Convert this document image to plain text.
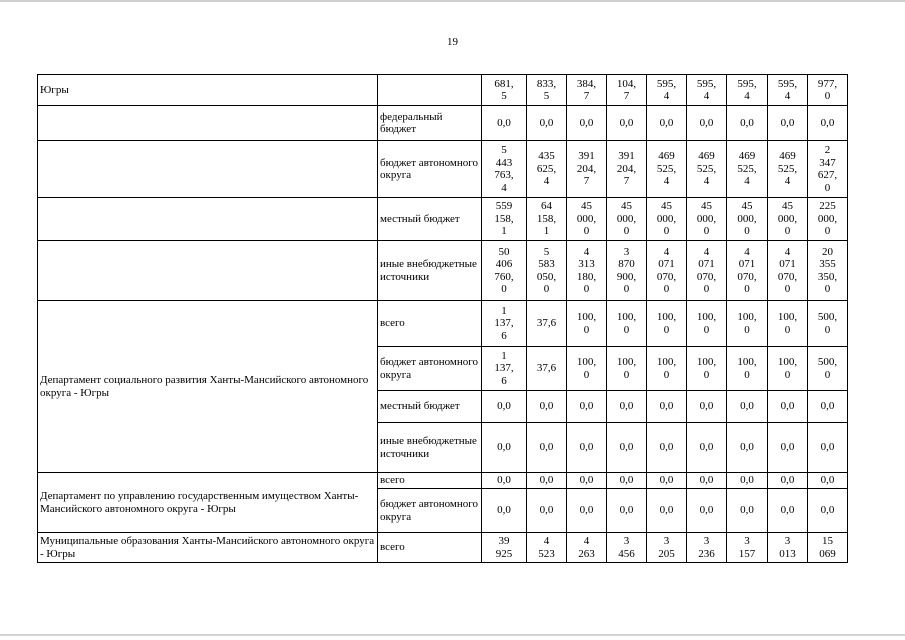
19
Югры		681,
5	833,
5	384,
7	104,
7	595,
4	595,
4	595,
4	595,
4	977,
0
	федеральный бюджет	0,0	0,0	0,0	0,0	0,0	0,0	0,0	0,0	0,0
	бюджет автономного округа	5
443
763,
4	435
625,
4	391
204,
7	391
204,
7	469
525,
4	469
525,
4	469
525,
4	469
525,
4	2
347
627,
0
	местный бюджет	559
158,
1	64
158,
1	45
000,
0	45
000,
0	45
000,
0	45
000,
0	45
000,
0	45
000,
0	225
000,
0
	иные внебюджетные источники	50
406
760,
0	5
583
050,
0	4
313
180,
0	3
870
900,
0	4
071
070,
0	4
071
070,
0	4
071
070,
0	4
071
070,
0	20
355
350,
0
Департамент социального развития Ханты-Мансийского автономного округа - Югры	всего	1
137,
6	37,6	100,
0	100,
0	100,
0	100,
0	100,
0	100,
0	500,
0
	бюджет автономного округа	1
137,
6	37,6	100,
0	100,
0	100,
0	100,
0	100,
0	100,
0	500,
0
	местный бюджет	0,0	0,0	0,0	0,0	0,0	0,0	0,0	0,0	0,0
	иные внебюджетные источники	0,0	0,0	0,0	0,0	0,0	0,0	0,0	0,0	0,0
Департамент по управлению государственным имуществом Ханты-Мансийского автономного округа - Югры	всего	0,0	0,0	0,0	0,0	0,0	0,0	0,0	0,0	0,0
	бюджет автономного округа	0,0	0,0	0,0	0,0	0,0	0,0	0,0	0,0	0,0
Муниципальные образования Ханты-Мансийского автономного округа - Югры	всего	39
925	4
523	4
263	3
456	3
205	3
236	3
157	3
013	15
069
